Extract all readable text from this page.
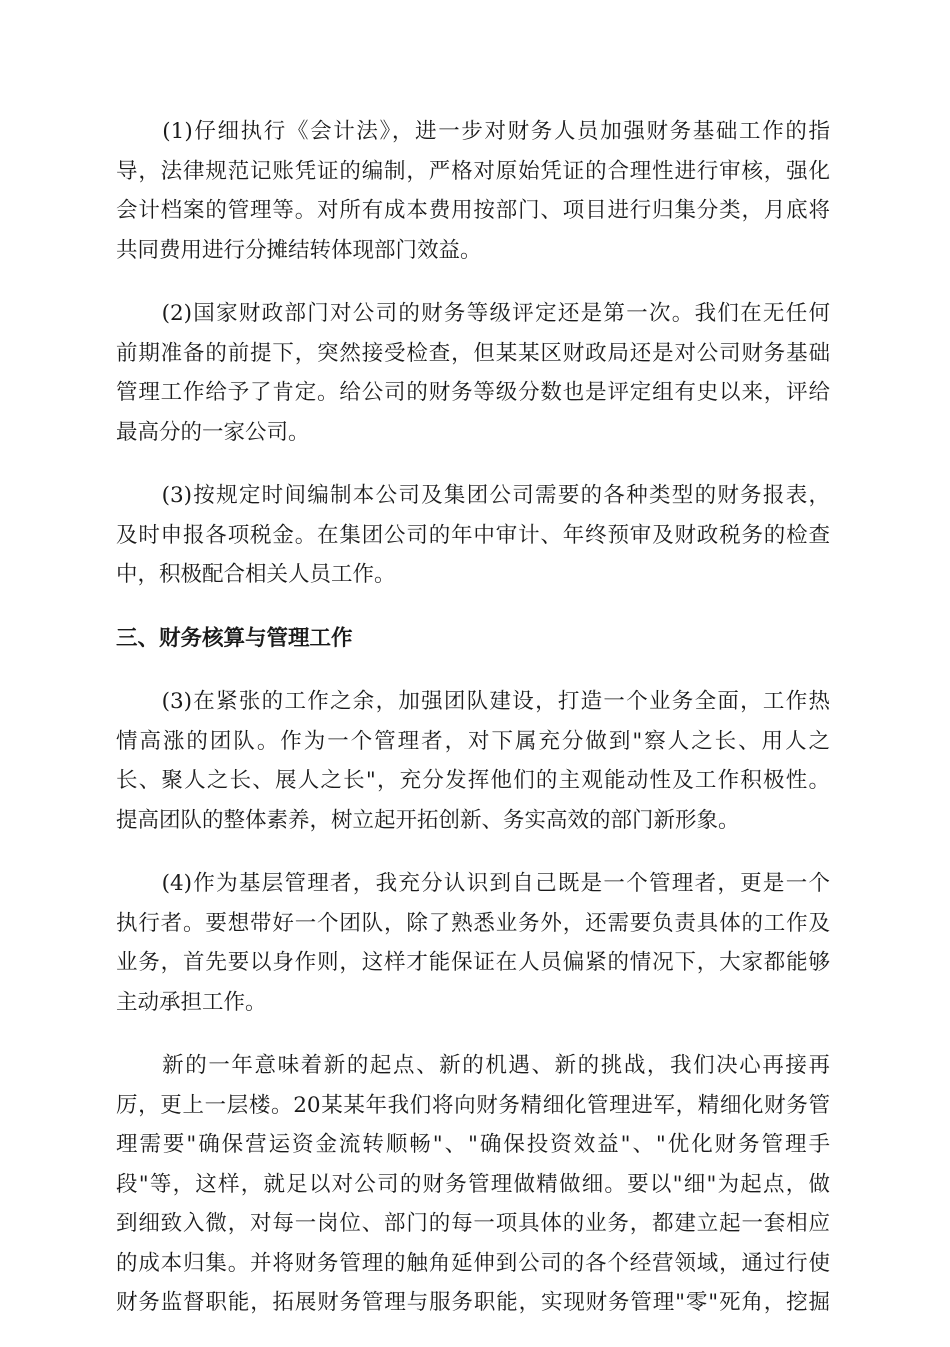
　　(1)仔细执行《会计法》，进一步对财务人员加强财务基础工作的指
导，法律规范记账凭证的编制，严格对原始凭证的合理性进行审核，强化
会计档案的管理等。对所有成本费用按部门、项目进行归集分类，月底将
共同费用进行分摊结转体现部门效益。
　　(2)国家财政部门对公司的财务等级评定还是第一次。我们在无任何
前期准备的前提下，突然接受检查，但某某区财政局还是对公司财务基础
管理工作给予了肯定。给公司的财务等级分数也是评定组有史以来，评给
最高分的一家公司。
　　(3)按规定时间编制本公司及集团公司需要的各种类型的财务报表，
及时申报各项税金。在集团公司的年中审计、年终预审及财政税务的检查
中，积极配合相关人员工作。
三、财务核算与管理工作
　　(3)在紧张的工作之余，加强团队建设，打造一个业务全面，工作热
情高涨的团队。作为一个管理者，对下属充分做到"察人之长、用人之
长、聚人之长、展人之长"，充分发挥他们的主观能动性及工作积极性。
提高团队的整体素养，树立起开拓创新、务实高效的部门新形象。
　　(4)作为基层管理者，我充分认识到自己既是一个管理者，更是一个
执行者。要想带好一个团队，除了熟悉业务外，还需要负责具体的工作及
业务，首先要以身作则，这样才能保证在人员偏紧的情况下，大家都能够
主动承担工作。
　　新的一年意味着新的起点、新的机遇、新的挑战，我们决心再接再
厉，更上一层楼。20某某年我们将向财务精细化管理进军，精细化财务管
理需要"确保营运资金流转顺畅"、"确保投资效益"、"优化财务管理手
段"等，这样，就足以对公司的财务管理做精做细。要以"细"为起点，做
到细致入微，对每一岗位、部门的每一项具体的业务，都建立起一套相应
的成本归集。并将财务管理的触角延伸到公司的各个经营领域，通过行使
财务监督职能，拓展财务管理与服务职能，实现财务管理"零"死角，挖掘
